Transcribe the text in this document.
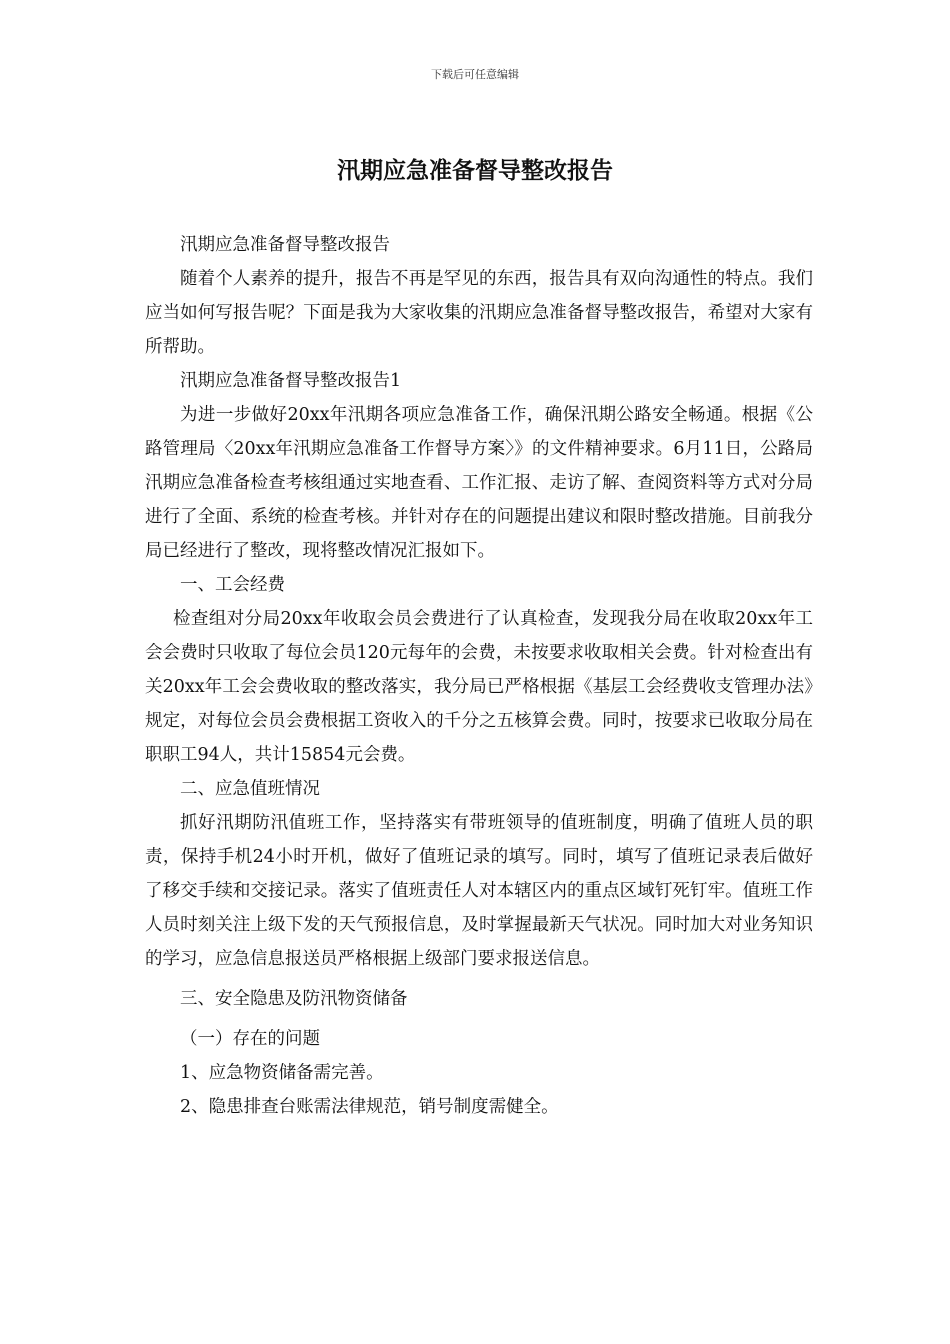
下载后可任意编辑
汛期应急准备督导整改报告

汛期应急准备督导整改报告

随着个人素养的提升，报告不再是罕见的东西，报告具有双向沟通性的特点。我们应当如何写报告呢？下面是我为大家收集的汛期应急准备督导整改报告，希望对大家有所帮助。

汛期应急准备督导整改报告1

为进一步做好20xx年汛期各项应急准备工作，确保汛期公路安全畅通。根据《公路管理局〈20xx年汛期应急准备工作督导方案〉》的文件精神要求。6月11日，公路局汛期应急准备检查考核组通过实地查看、工作汇报、走访了解、查阅资料等方式对分局进行了全面、系统的检查考核。并针对存在的问题提出建议和限时整改措施。目前我分局已经进行了整改，现将整改情况汇报如下。

一、工会经费

检查组对分局20xx年收取会员会费进行了认真检查，发现我分局在收取20xx年工会会费时只收取了每位会员120元每年的会费，未按要求收取相关会费。针对检查出有关20xx年工会会费收取的整改落实，我分局已严格根据《基层工会经费收支管理办法》规定，对每位会员会费根据工资收入的千分之五核算会费。同时，按要求已收取分局在职职工94人，共计15854元会费。

二、应急值班情况

抓好汛期防汛值班工作，坚持落实有带班领导的值班制度，明确了值班人员的职责，保持手机24小时开机，做好了值班记录的填写。同时，填写了值班记录表后做好了移交手续和交接记录。落实了值班责任人对本辖区内的重点区域钉死钉牢。值班工作人员时刻关注上级下发的天气预报信息，及时掌握最新天气状况。同时加大对业务知识的学习，应急信息报送员严格根据上级部门要求报送信息。

三、安全隐患及防汛物资储备

（一）存在的问题

1、应急物资储备需完善。

2、隐患排查台账需法律规范，销号制度需健全。
